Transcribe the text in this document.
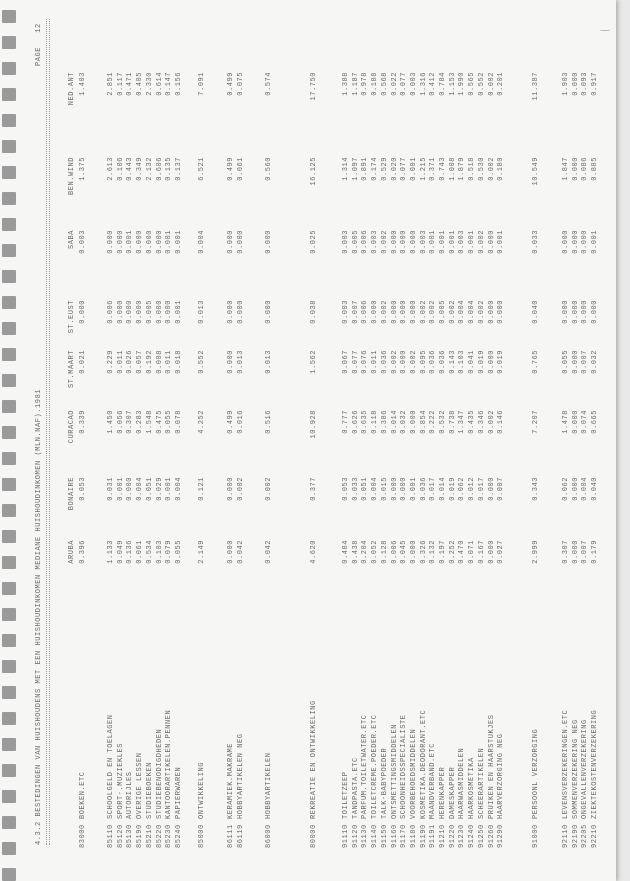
4.3.2 BESTEDINGEN VAN HUISHOUDENS MET EEN HUISHOUDINKOMEN MEDIANE HUISHOUDINKOMEN (MLN.NAF).1981
PAGE   12
ARUBA
BONAIRE
CURACAO
ST.MAART
ST.EUST
SABA
BEN.WIND
NED.ANT
83000
BOEKEN.ETC
0.396
0.053
0.339
0.021
0.000
0.003
1.375
1.403
85110
SCHOOLGELD EN TOELAGEN
1.133
0.031
1.450
0.229
0.006
0.000
2.613
2.851
85120
SPORT-.MUZIEKLES
0.049
0.001
0.056
0.011
0.000
0.000
0.106
0.117
85130
AUTORIJLES
0.136
0.000
0.307
0.026
0.000
0.001
0.443
0.471
85190
OVERIGE LESSEN
0.061
0.004
0.283
0.057
0.000
0.000
0.349
0.405
85210
STUDIEBOEKEN
0.534
0.051
1.548
0.192
0.005
0.000
2.132
2.330
85220
STUDIEBENODIGDHEDEN
0.103
0.029
0.475
0.008
0.000
0.000
0.606
0.614
85230
KANTOORARTIKELEN.PENNEN
0.079
0.001
0.055
0.011
0.000
0.001
0.135
0.147
85240
PAPIERWAREN
0.055
0.004
0.078
0.018
0.001
0.001
0.137
0.156
85000
ONTWIKKELING
2.149
0.121
4.252
0.552
0.013
0.004
6.521
7.091
86111
KERAMIEK.MAKRAME
0.000
0.000
0.499
0.000
0.000
0.000
0.499
0.499
86119
HOBBYARTIKELEN NEG
0.042
0.002
0.016
0.013
0.000
0.000
0.061
0.075
86000
HOBBYARTIKELEN
0.042
0.002
0.516
0.013
0.000
0.000
0.560
0.574
80000
REKREATIE EN ONTWIKKELING
4.620
0.377
10.928
1.562
0.038
0.025
16.125
17.750
91110
TOILETZEEP
0.484
0.053
0.777
0.067
0.003
0.003
1.314
1.388
91120
TANDPASTA.ETC
0.438
0.033
0.626
0.077
0.007
0.005
1.097
1.187
91130
PARFUM.TOILETWATER.ETC
0.204
0.051
0.635
0.076
0.006
0.006
0.891
0.978
91140
TOILETCREME.POEDER.ETC
0.052
0.004
0.118
0.011
0.000
0.003
0.174
0.188
91150
TALK-BABYPOEDER
0.128
0.015
0.386
0.036
0.002
0.002
0.529
0.568
91160
ONTSMETTINGSMIDDELEN
0.006
0.000
0.014
0.002
0.000
0.000
0.020
0.022
91170
SCHOONHEIDSSPECIALISTE
0.045
0.000
0.032
0.000
0.000
0.000
0.077
0.077
91180
VOORBEHOEDSMIDDELEN
0.000
0.001
0.000
0.002
0.000
0.000
0.001
0.003
91190
KOSMETIKA.DEODORANT.ETC
0.326
0.036
0.854
0.095
0.002
0.003
1.215
1.316
91191
MAANDVERBAND.ETC
0.132
0.017
0.222
0.036
0.002
0.001
0.371
0.412
91210
HERENKAPPER
0.197
0.014
0.532
0.036
0.005
0.001
0.743
0.784
91220
DAMESKAPPER
0.252
0.019
0.738
0.143
0.002
0.001
1.008
1.153
91230
HAARWASMIDDELEN
0.470
0.062
1.347
0.103
0.004
0.003
1.879
1.990
91240
HAARKOSMETIKA
0.071
0.012
0.435
0.041
0.004
0.001
0.518
0.565
91250
SCHEERARTIKELEN
0.167
0.017
0.346
0.019
0.002
0.002
0.530
0.552
91260
PRUIKEN EN HAARSTUKJES
0.000
0.000
0.002
0.000
0.000
0.000
0.002
0.002
91290
HAARVERZORGING NEG
0.027
0.007
0.146
0.019
0.000
0.001
0.180
0.201
91000
PERSOONL VERZORGING
2.999
0.343
7.207
0.765
0.040
0.033
10.549
11.387
92110
LEVENSVERZEKERINGEN.ETC
0.307
0.062
1.478
0.055
0.000
0.000
1.847
1.903
92190
SOMMENVERZEKERING NEG
0.000
0.000
0.000
0.000
0.000
0.000
0.000
0.000
92205
ONGEVALLENVERZEKERING
0.007
0.004
0.074
0.007
0.000
0.000
0.086
0.093
92210
ZIEKTEKOSTENVERZEKERING
0.179
0.040
0.665
0.032
0.000
0.001
0.885
0.917
